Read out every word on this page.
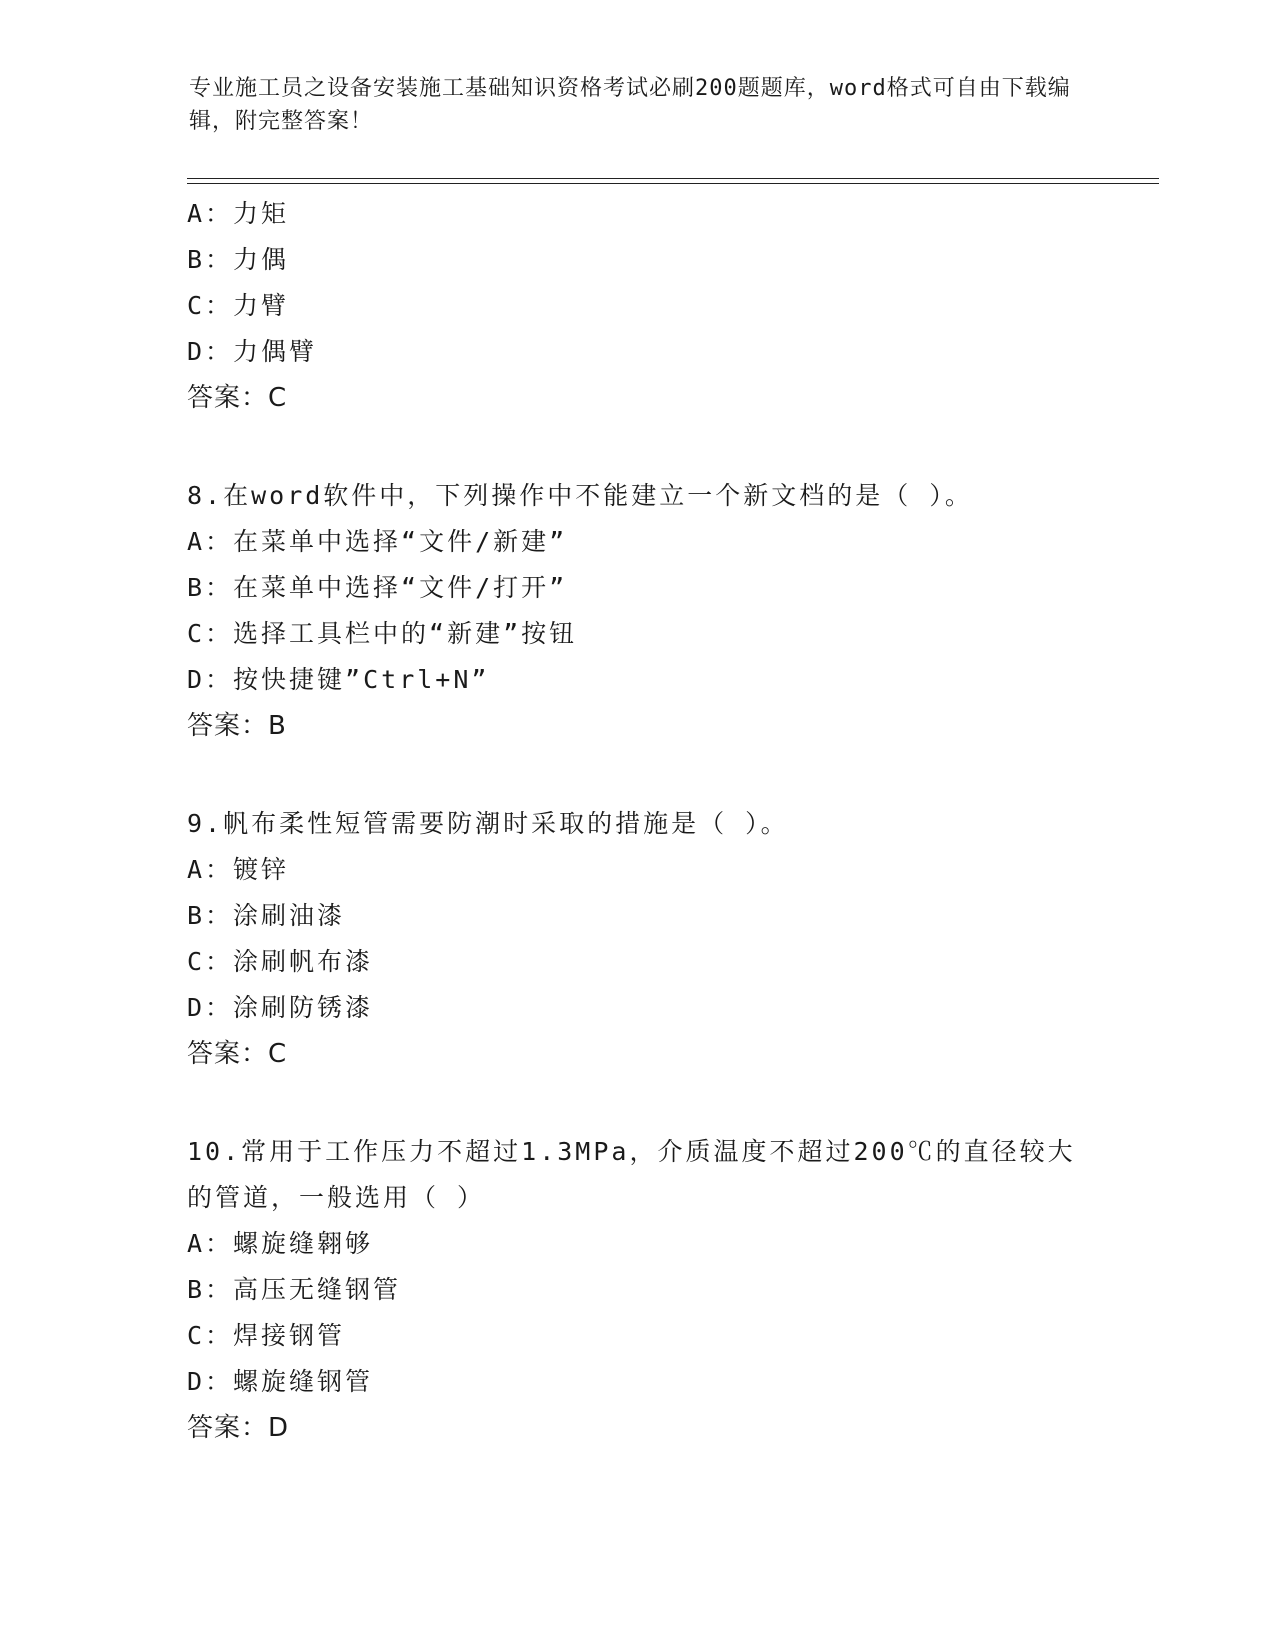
专业施工员之设备安装施工基础知识资格考试必刷200题题库，word格式可自由下载编辑，附完整答案！
A：力矩
B：力偶
C：力臂
D：力偶臂
答案：C
8.在word软件中，下列操作中不能建立一个新文档的是（ ）。
A：在菜单中选择“文件/新建”
B：在菜单中选择“文件/打开”
C：选择工具栏中的“新建”按钮
D：按快捷键”Ctrl+N”
答案：B
9.帆布柔性短管需要防潮时采取的措施是（ ）。
A：镀锌
B：涂刷油漆
C：涂刷帆布漆
D：涂刷防锈漆
答案：C
10.常用于工作压力不超过1.3MPa，介质温度不超过200℃的直径较大的管道，一般选用（ ）
A：螺旋缝翱够
B：高压无缝钢管
C：焊接钢管
D：螺旋缝钢管
答案：D
